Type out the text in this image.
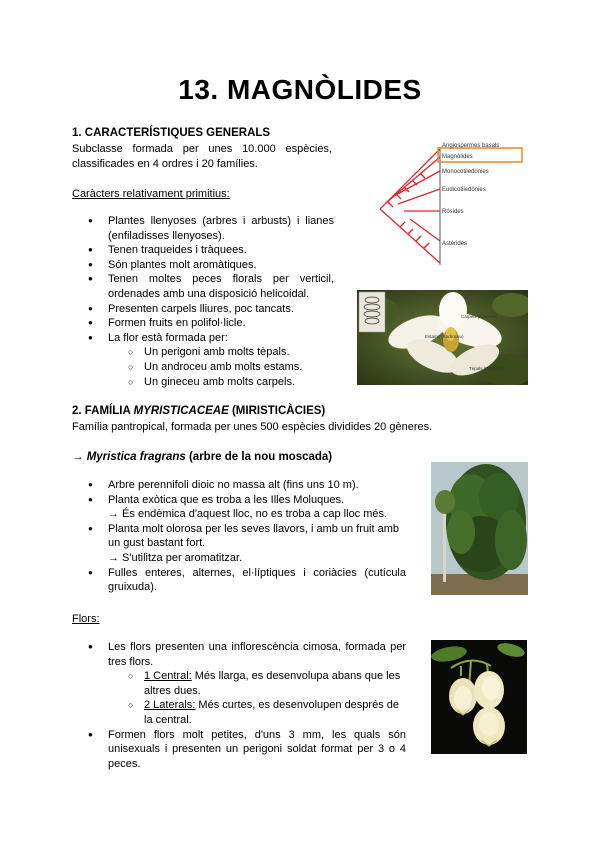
13. MAGNÒLIDES
1. CARACTERÍSTIQUES GENERALS
Subclasse formada per unes 10.000 espècies,
classificades en 4 ordres i 20 famílies.
Caràcters relativament primitius:
● Plantes llenyoses (arbres i arbusts) i lianes
(enfiladisses llenyoses).
● Tenen traqueides i tràquees.
● Són plantes molt aromàtiques.
● Tenen moltes peces florals per verticil,
ordenades amb una disposició helicoidal.
● Presenten carpels lliures, poc tancats.
● Formen fruits en polifol·licle.
● La flor està formada per:
○ Un perigoni amb molts tèpals.
○ Un androceu amb molts estams.
○ Un gineceu amb molts carpels.
Angiospermes basals
Magnòlides
Monocotiledònies
Eudicotiledònies
Rósides
Astérides
Carpels (Gineceu)
Estams (Androceu)
Tèpals (Perigoni)
2. FAMÍLIA MYRISTICACEAE (MIRISTICÀCIES)
Família pantropical, formada per unes 500 espècies dividides 20 gèneres.
→ Myristica fragrans (arbre de la nou moscada)
● Arbre perennifoli dioic no massa alt (fins uns 10 m).
● Planta exòtica que es troba a les Illes Moluques.
→ És endèmica d'aquest lloc, no es troba a cap lloc més.
● Planta molt olorosa per les seves llavors, i amb un fruit amb
un gust bastant fort.
→ S'utilitza per aromatitzar.
● Fulles enteres, alternes, el·líptiques i coriàcies (cutícula
gruixuda).
Flors:
● Les flors presenten una inflorescència cimosa, formada per
tres flors.
○ 1 Central: Més llarga, es desenvolupa abans que les
altres dues.
○ 2 Laterals: Més curtes, es desenvolupen després de
la central.
● Formen flors molt petites, d'uns 3 mm, les quals són
unisexuals i presenten un perigoni soldat format per 3 o 4
peces.
